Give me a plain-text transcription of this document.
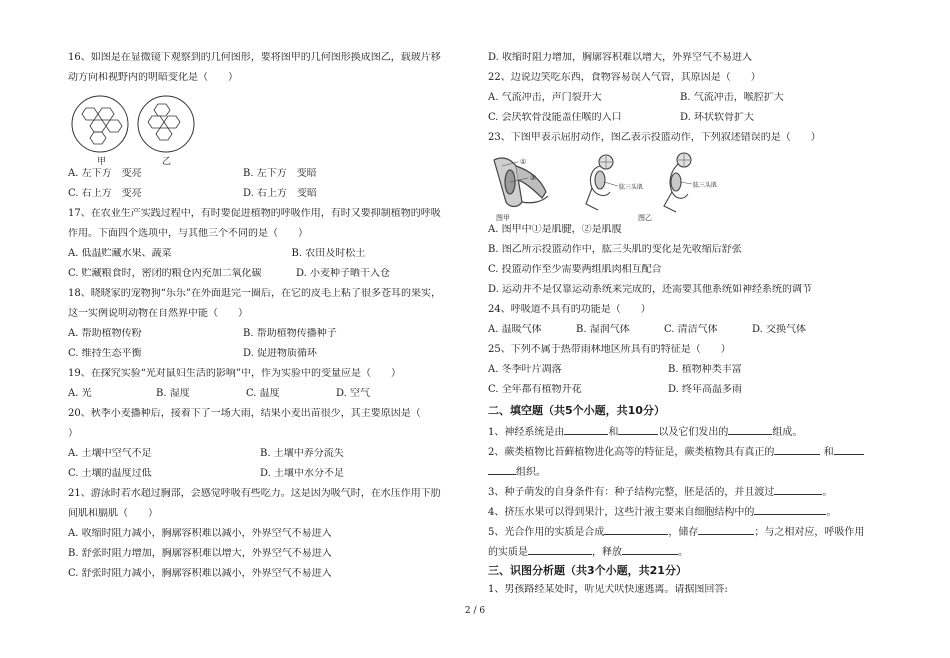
16、如图是在显微镜下观察到的几何图形，要将图甲的几何图形换成图乙，载玻片移
动方向和视野内的明暗变化是（　　）
甲	乙
A. 左下方　变亮	B. 左下方　变暗
C. 右上方　变亮	D. 右上方　变暗
17、在农业生产实践过程中，有时要促进植物的呼吸作用，有时又要抑制植物的呼吸
作用。下面四个选项中，与其他三个不同的是（　　）
A. 低温贮藏水果、蔬菜	B. 农田及时松土
C. 贮藏粮食时，密闭的粮仓内充加二氧化碳	D. 小麦种子晒干入仓
18、晓晓家的宠物狗“乐乐”在外面逛完一圈后，在它的皮毛上粘了很多苍耳的果实，
这一实例说明动物在自然界中能（　　）
A. 帮助植物传粉	B. 帮助植物传播种子
C. 维持生态平衡	D. 促进物质循环
19、在探究实验“光对鼠妇生活的影响”中，作为实验中的变量应是（　　）
A. 光	B. 湿度	C. 温度	D. 空气
20、秋季小麦播种后，接着下了一场大雨，结果小麦出苗很少，其主要原因是（
）
A. 土壤中空气不足	B. 土壤中养分流失
C. 土壤的温度过低	D. 土壤中水分不足
21、游泳时若水超过胸部，会感觉呼吸有些吃力。这是因为吸气时，在水压作用下肋
间肌和膈肌（　　）
A. 收缩时阻力减小，胸廓容积难以减小，外界空气不易进入
B. 舒张时阻力增加，胸廓容积难以增大，外界空气不易进入
C. 舒张时阻力减小，胸廓容积难以减小，外界空气不易进入
D. 收缩时阻力增加，胸廓容积难以增大，外界空气不易进入
22、边说边笑吃东西，食物容易误入气管，其原因是（　　）
A. 气流冲击，声门裂开大	B. 气流冲击，喉腔扩大
C. 会厌软骨没能盖住喉的入口	D. 环状软骨扩大
23、下图甲表示屈肘动作，图乙表示投篮动作，下列叙述错误的是（　　）
①
②
图甲
肱三头肌	肱三头肌
图乙
A. 图甲中①是肌腱，②是肌腹
B. 图乙所示投篮动作中，肱三头肌的变化是先收缩后舒张
C. 投篮动作至少需要两组肌肉相互配合
D. 运动并不是仅靠运动系统来完成的，还需要其他系统如神经系统的调节
24、呼吸道不具有的功能是（　　）
A. 温暖气体	B. 湿润气体	C. 清洁气体	D. 交换气体
25、下列不属于热带雨林地区所具有的特征是（　　）
A. 冬季叶片凋落	B. 植物种类丰富
C. 全年都有植物开花	D. 终年高温多雨
二、填空题（共5个小题，共10分）
1、神经系统是由	和	以及它们发出的	组成。
2、蕨类植物比苔藓植物进化高等的特征是，蕨类植物具有真正的	和
组织。
3、种子萌发的自身条件有：种子结构完整，胚是活的，并且渡过	。
4、挤压水果可以得到果汁，这些汁液主要来自细胞结构中的	。
5、光合作用的实质是合成	，储存	；与之相对应，呼吸作用
的实质是	，释放	。
三、识图分析题（共3个小题，共21分）
1、男孩路经某处时，听见犬吠快速逃离。请据图回答:
2 / 6
